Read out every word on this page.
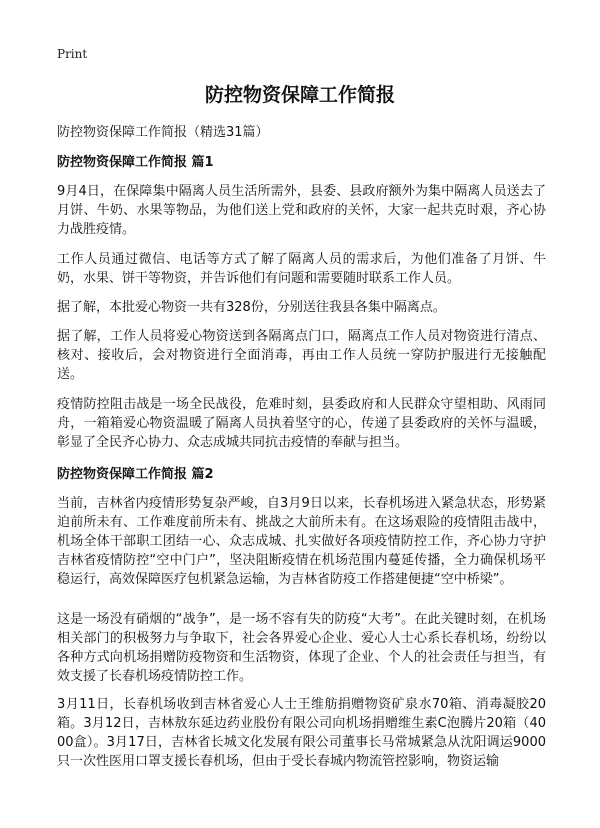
Print
防控物资保障工作简报

防控物资保障工作简报（精选31篇）

防控物资保障工作简报 篇1

9月4日，在保障集中隔离人员生活所需外，县委、县政府额外为集中隔离人员送去了月饼、牛奶、水果等物品，为他们送上党和政府的关怀，大家一起共克时艰，齐心协力战胜疫情。

工作人员通过微信、电话等方式了解了隔离人员的需求后，为他们准备了月饼、牛奶，水果、饼干等物资，并告诉他们有问题和需要随时联系工作人员。

据了解，本批爱心物资一共有328份，分别送往我县各集中隔离点。

据了解，工作人员将爱心物资送到各隔离点门口，隔离点工作人员对物资进行清点、核对、接收后，会对物资进行全面消毒，再由工作人员统一穿防护服进行无接触配送。

疫情防控阻击战是一场全民战役，危难时刻，县委政府和人民群众守望相助、风雨同舟，一箱箱爱心物资温暖了隔离人员执着坚守的心，传递了县委政府的关怀与温暖，彰显了全民齐心协力、众志成城共同抗击疫情的奉献与担当。

防控物资保障工作简报 篇2

当前，吉林省内疫情形势复杂严峻，自3月9日以来，长春机场进入紧急状态，形势紧迫前所未有、工作难度前所未有、挑战之大前所未有。在这场艰险的疫情阻击战中，机场全体干部职工团结一心、众志成城、扎实做好各项疫情防控工作，齐心协力守护吉林省疫情防控“空中门户”，坚决阻断疫情在机场范围内蔓延传播，全力确保机场平稳运行，高效保障医疗包机紧急运输，为吉林省防疫工作搭建便捷“空中桥梁”。

这是一场没有硝烟的“战争”，是一场不容有失的防疫“大考”。在此关键时刻，在机场相关部门的积极努力与争取下，社会各界爱心企业、爱心人士心系长春机场，纷纷以各种方式向机场捐赠防疫物资和生活物资，体现了企业、个人的社会责任与担当，有效支援了长春机场疫情防控工作。

3月11日，长春机场收到吉林省爱心人士王维舫捐赠物资矿泉水70箱、消毒凝胶20箱。3月12日，吉林敖东延边药业股份有限公司向机场捐赠维生素C泡腾片20箱（4000盒）。3月17日，吉林省长城文化发展有限公司董事长马常城紧急从沈阳调运9000只一次性医用口罩支援长春机场，但由于受长春城内物流管控影响，物资运输
